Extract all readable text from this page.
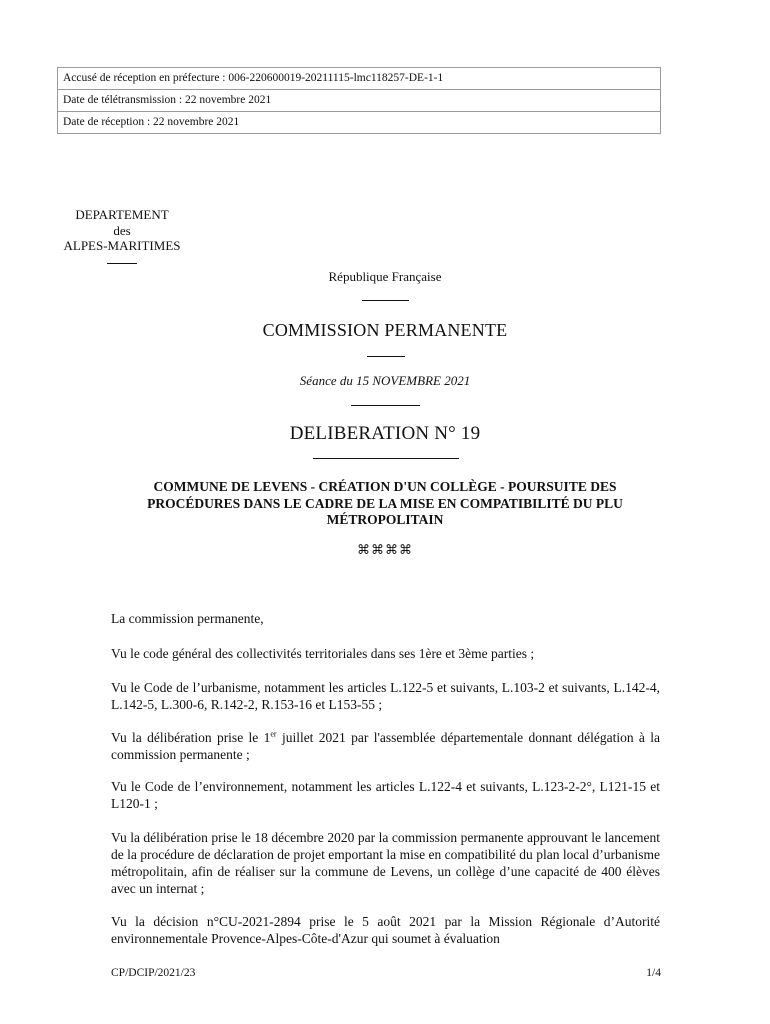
Accusé de réception en préfecture : 006-220600019-20211115-lmc118257-DE-1-1
Date de télétransmission : 22 novembre 2021
Date de réception : 22 novembre 2021
DEPARTEMENT
des
ALPES-MARITIMES
République Française
COMMISSION PERMANENTE
Séance du 15 NOVEMBRE 2021
DELIBERATION N° 19
COMMUNE DE LEVENS - CRÉATION D'UN COLLÈGE - POURSUITE DES
PROCÉDURES DANS LE CADRE DE LA MISE EN COMPATIBILITÉ DU PLU
MÉTROPOLITAIN
⌘⌘⌘⌘
La commission permanente,
Vu le code général des collectivités territoriales dans ses 1ère et 3ème parties ;
Vu le Code de l’urbanisme, notamment les articles L.122-5 et suivants, L.103-2 et suivants, L.142-4, L.142-5, L.300-6, R.142-2, R.153-16 et L153-55 ;
Vu la délibération prise le 1er juillet 2021 par l'assemblée départementale donnant délégation à la commission permanente ;
Vu le Code de l’environnement, notamment les articles L.122-4 et suivants, L.123-2-2°, L121-15 et L120-1 ;
Vu la délibération prise le 18 décembre 2020 par la commission permanente approuvant le lancement de la procédure de déclaration de projet emportant la mise en compatibilité du plan local d’urbanisme métropolitain, afin de réaliser sur la commune de Levens, un collège d’une capacité de 400 élèves avec un internat ;
Vu la décision n°CU-2021-2894 prise le 5 août 2021 par la Mission Régionale d’Autorité environnementale Provence-Alpes-Côte-d'Azur qui soumet à évaluation
CP/DCIP/2021/23	1/4
